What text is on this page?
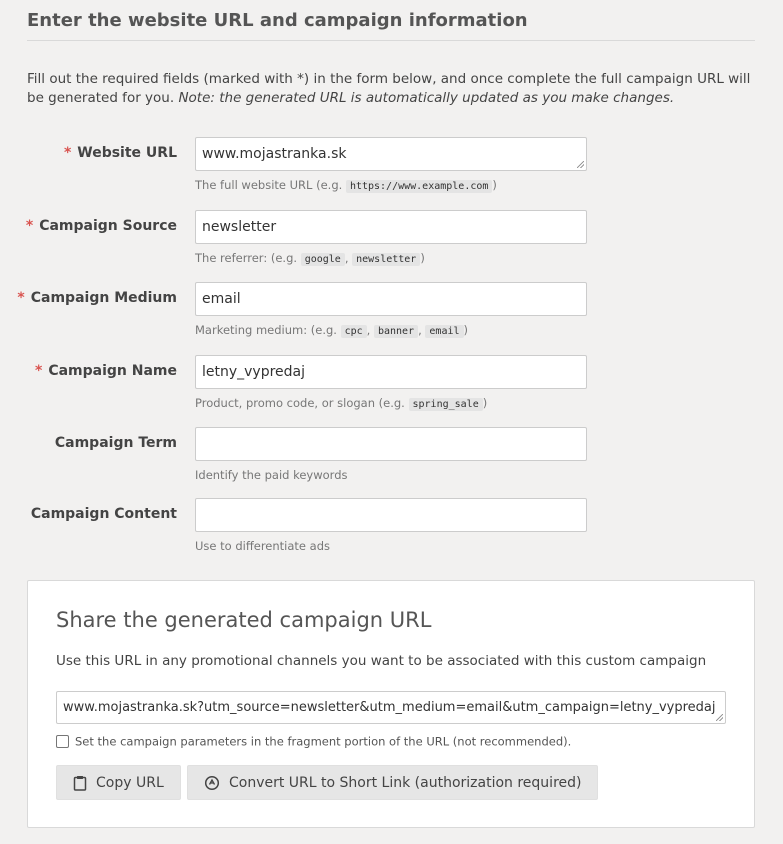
Enter the website URL and campaign information
Fill out the required fields (marked with *) in the form below, and once complete the full campaign URL will be generated for you. Note: the generated URL is automatically updated as you make changes.
* Website URL	www.mojastranka.sk
The full website URL (e.g. https://www.example.com )
* Campaign Source	newsletter
The referrer: (e.g. google , newsletter )
* Campaign Medium	email
Marketing medium: (e.g. cpc , banner , email )
* Campaign Name	letny_vypredaj
Product, promo code, or slogan (e.g. spring_sale )
Campaign Term
Identify the paid keywords
Campaign Content
Use to differentiate ads
Share the generated campaign URL
Use this URL in any promotional channels you want to be associated with this custom campaign
www.mojastranka.sk?utm_source=newsletter&utm_medium=email&utm_campaign=letny_vypredaj
Set the campaign parameters in the fragment portion of the URL (not recommended).
Copy URL	Convert URL to Short Link (authorization required)
